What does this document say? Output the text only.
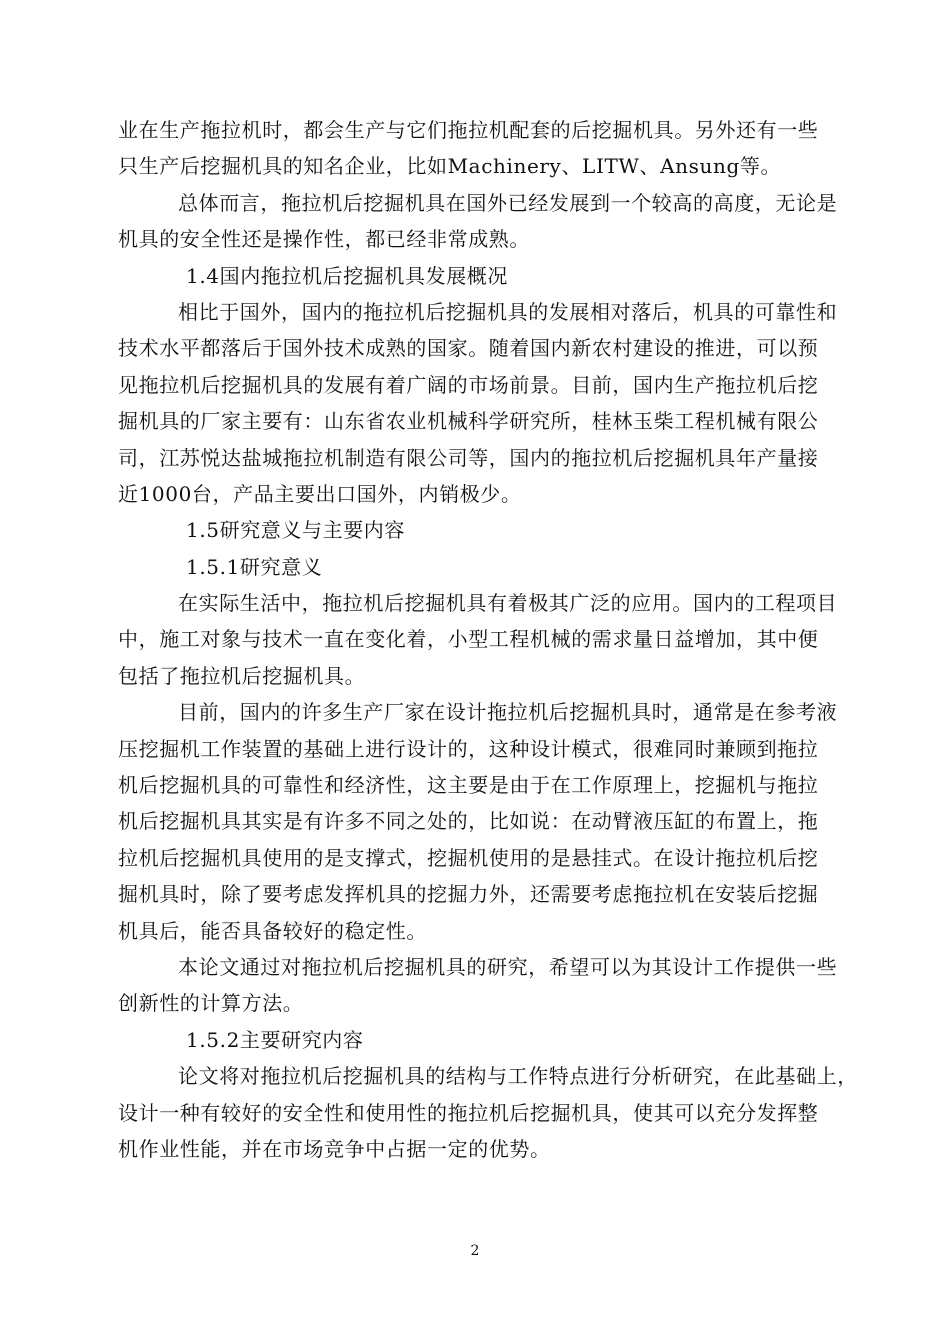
业在生产拖拉机时，都会生产与它们拖拉机配套的后挖掘机具。另外还有一些
只生产后挖掘机具的知名企业，比如Machinery、LITW、Ansung等。
总体而言，拖拉机后挖掘机具在国外已经发展到一个较高的高度，无论是
机具的安全性还是操作性，都已经非常成熟。
1.4国内拖拉机后挖掘机具发展概况
相比于国外，国内的拖拉机后挖掘机具的发展相对落后，机具的可靠性和
技术水平都落后于国外技术成熟的国家。随着国内新农村建设的推进，可以预
见拖拉机后挖掘机具的发展有着广阔的市场前景。目前，国内生产拖拉机后挖
掘机具的厂家主要有：山东省农业机械科学研究所，桂林玉柴工程机械有限公
司，江苏悦达盐城拖拉机制造有限公司等，国内的拖拉机后挖掘机具年产量接
近1000台，产品主要出口国外，内销极少。
1.5研究意义与主要内容
1.5.1研究意义
在实际生活中，拖拉机后挖掘机具有着极其广泛的应用。国内的工程项目
中，施工对象与技术一直在变化着，小型工程机械的需求量日益增加，其中便
包括了拖拉机后挖掘机具。
目前，国内的许多生产厂家在设计拖拉机后挖掘机具时，通常是在参考液
压挖掘机工作装置的基础上进行设计的，这种设计模式，很难同时兼顾到拖拉
机后挖掘机具的可靠性和经济性，这主要是由于在工作原理上，挖掘机与拖拉
机后挖掘机具其实是有许多不同之处的，比如说：在动臂液压缸的布置上，拖
拉机后挖掘机具使用的是支撑式，挖掘机使用的是悬挂式。在设计拖拉机后挖
掘机具时，除了要考虑发挥机具的挖掘力外，还需要考虑拖拉机在安装后挖掘
机具后，能否具备较好的稳定性。
本论文通过对拖拉机后挖掘机具的研究，希望可以为其设计工作提供一些
创新性的计算方法。
1.5.2主要研究内容
论文将对拖拉机后挖掘机具的结构与工作特点进行分析研究，在此基础上，
设计一种有较好的安全性和使用性的拖拉机后挖掘机具，使其可以充分发挥整
机作业性能，并在市场竞争中占据一定的优势。
2
